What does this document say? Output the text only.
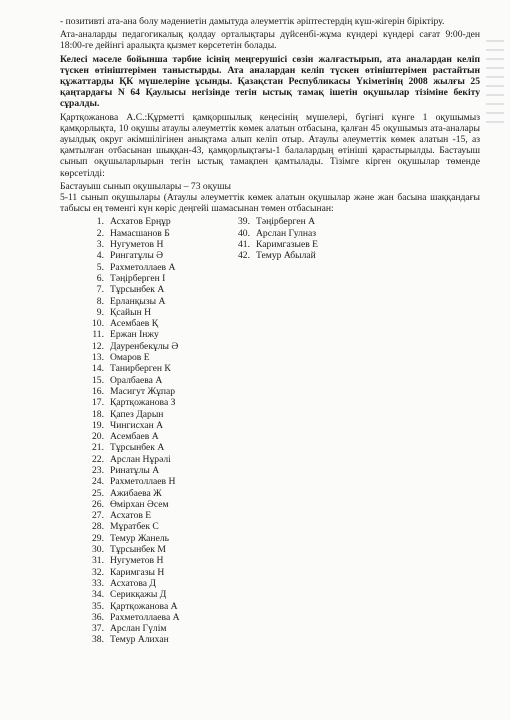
- позитивті ата-ана болу мәдениетін дамытуда әлеуметтік әріптестердің күш-жігерін біріктіру.

Ата-аналарды педагогикалық қолдау орталықтары дүйсенбі-жұма күндері күндері сағат 9:00-ден 18:00-ге дейінгі аралықта қызмет көрсететін болады.

Келесі мәселе бойынша тәрбие ісінің меңгерушісі сөзін жалғастырып, ата аналардан келіп түскен өтініштерімен таныстырды. Ата аналардан келіп түскен өтініштерімен растайтын құжаттарды ҚК мүшелеріне ұсынды. Қазақстан Республикасы Үкіметінің 2008 жылғы 25 қаңтардағы N 64 Қаулысы негізінде тегін ыстық тамақ ішетін оқушылар тізіміне бекіту сұралды.

Қартқожанова А.С.:Құрметті қамқоршылық кеңесінің мүшелері, бүгінгі күнге 1 оқушымыз қамқорлықта, 10 оқушы атаулы әлеуметтік көмек алатын отбасына, қалған 45 оқушымыз ата-аналары ауылдық округ әкімшілігінен анықтама алып келіп отыр. Атаулы әлеуметтік көмек алатын -15, аз қамтылған отбасынан шыққан-43, қамқорлықтағы-1 балалардың өтініші қарастырылды. Бастауыш сынып оқушыларлырын тегін ыстық тамақпен қамтылады. Тізімге кірген оқушылар төменде көрсетілді:

Бастауыш сынып оқушылары – 73 оқушы

5-11 сынып оқушылары (Атаулы әлеуметтік көмек алатын оқушылар және жан басына шаққандағы табысы ең төменгі күн көріс деңгейі шамасынан төмен отбасынан:

1. Асхатов Ерңұр
2. Намасшанов Б
3. Нугуметов Н
4. Рингатұлы Ә
5. Рахметоллаев А
6. Тәңірберген І
7. Тұрсынбек А
8. Ерланқызы А
9. Қсайын Н
10. Асембаев Қ
11. Ержан Інжу
12. Дауренбекұлы Ә
13. Омаров Е
14. Танирберген К
15. Оралбаева А
16. Масигут Жұпар
17. Қартқожанова З
18. Қапез Дарын
19. Чингисхан А
20. Асембаев А
21. Тұрсынбек А
22. Арслан Нұрәлі
23. Ринатұлы А
24. Рахметоллаев Н
25. Ажибаева Ж
26. Өмірхан Әсем
27. Асхатов Е
28. Мұратбек С
29. Темур Жанель
30. Тұрсынбек М
31. Нугуметов Н
32. Каримгазы Н
33. Асхатова Д
34. Серикқажы Д
35. Қартқожанова А
36. Рахметоллаева А
37. Арслан Гүлім
38. Темур Алихан
39. Тәңірберген А
40. Арслан Гулназ
41. Каримгазыев Е
42. Темур Абылай
